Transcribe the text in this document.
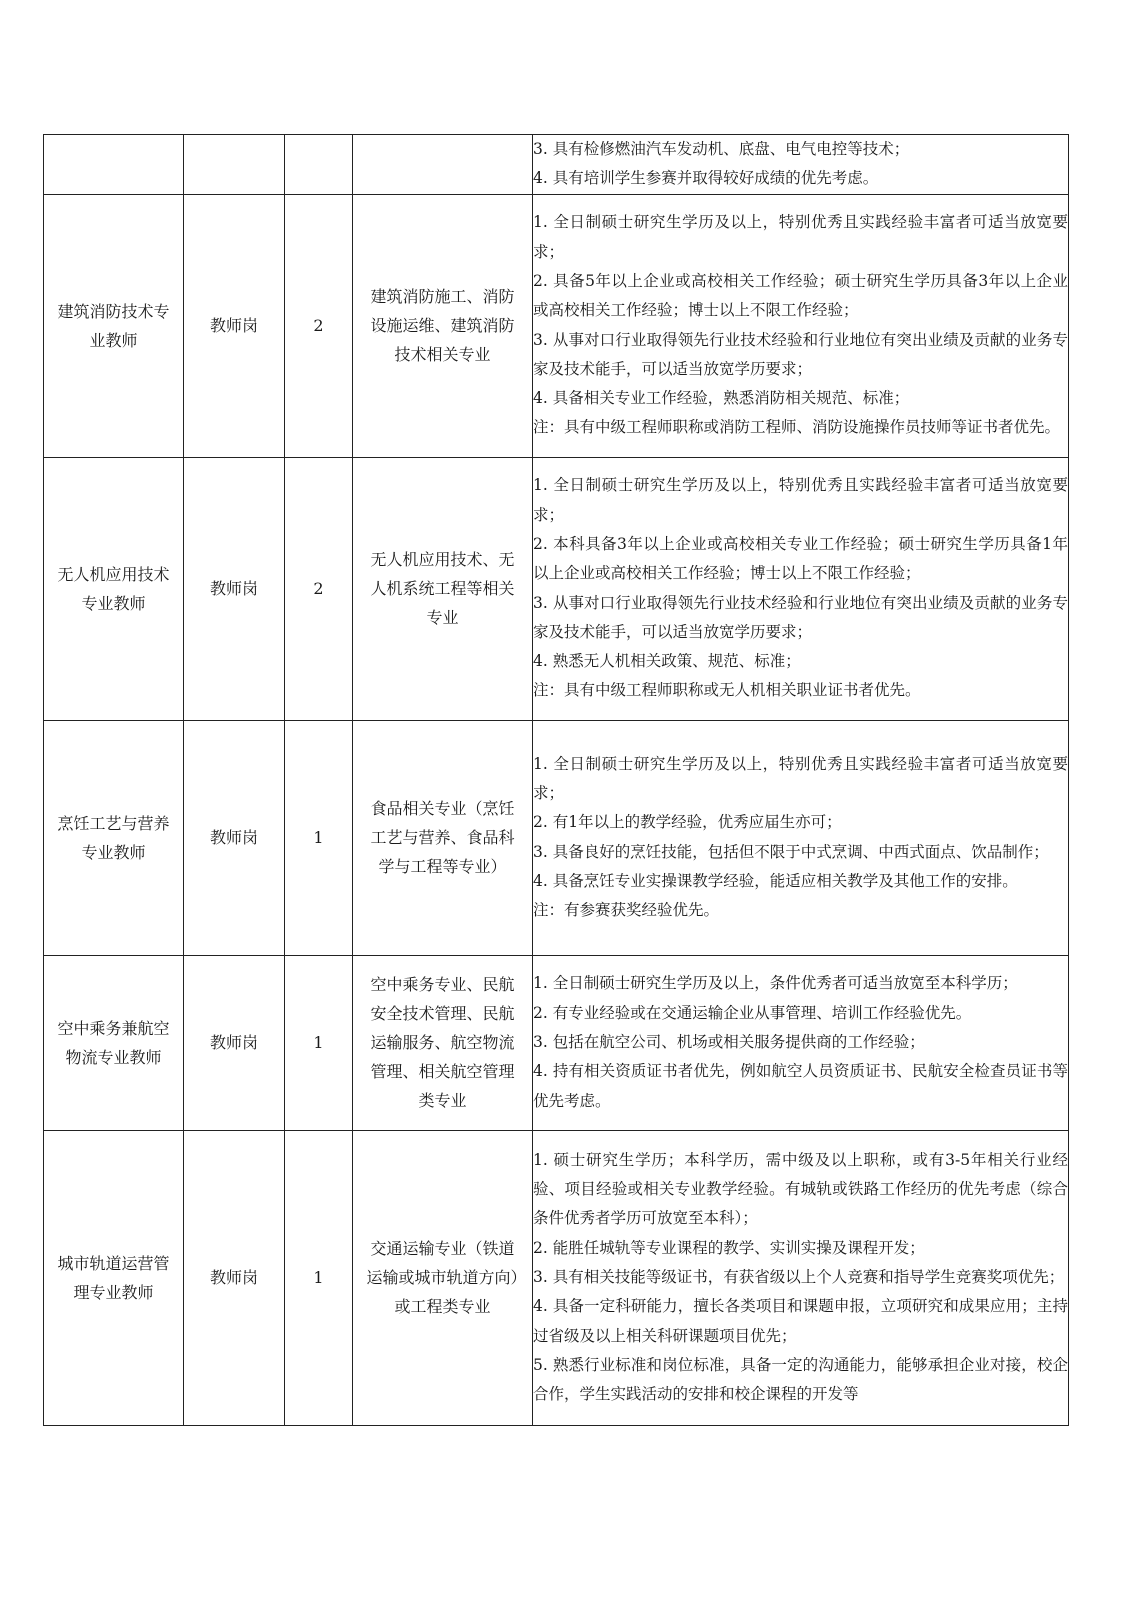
				3. 具有检修燃油汽车发动机、底盘、电气电控等技术；
4. 具有培训学生参赛并取得较好成绩的优先考虑。

建筑消防技术专业教师	教师岗	2	建筑消防施工、消防设施运维、建筑消防技术相关专业	1. 全日制硕士研究生学历及以上，特别优秀且实践经验丰富者可适当放宽要求；
2. 具备5年以上企业或高校相关工作经验；硕士研究生学历具备3年以上企业或高校相关工作经验；博士以上不限工作经验；
3. 从事对口行业取得领先行业技术经验和行业地位有突出业绩及贡献的业务专家及技术能手，可以适当放宽学历要求；
4. 具备相关专业工作经验，熟悉消防相关规范、标准；
注：具有中级工程师职称或消防工程师、消防设施操作员技师等证书者优先。

无人机应用技术专业教师	教师岗	2	无人机应用技术、无人机系统工程等相关专业	1. 全日制硕士研究生学历及以上，特别优秀且实践经验丰富者可适当放宽要求；
2. 本科具备3年以上企业或高校相关专业工作经验；硕士研究生学历具备1年以上企业或高校相关工作经验；博士以上不限工作经验；
3. 从事对口行业取得领先行业技术经验和行业地位有突出业绩及贡献的业务专家及技术能手，可以适当放宽学历要求；
4. 熟悉无人机相关政策、规范、标准；
注：具有中级工程师职称或无人机相关职业证书者优先。

烹饪工艺与营养专业教师	教师岗	1	食品相关专业（烹饪工艺与营养、食品科学与工程等专业）	1. 全日制硕士研究生学历及以上，特别优秀且实践经验丰富者可适当放宽要求；
2. 有1年以上的教学经验，优秀应届生亦可；
3. 具备良好的烹饪技能，包括但不限于中式烹调、中西式面点、饮品制作；
4. 具备烹饪专业实操课教学经验，能适应相关教学及其他工作的安排。
注：有参赛获奖经验优先。

空中乘务兼航空物流专业教师	教师岗	1	空中乘务专业、民航安全技术管理、民航运输服务、航空物流管理、相关航空管理类专业	1. 全日制硕士研究生学历及以上，条件优秀者可适当放宽至本科学历；
2. 有专业经验或在交通运输企业从事管理、培训工作经验优先。
3. 包括在航空公司、机场或相关服务提供商的工作经验；
4. 持有相关资质证书者优先，例如航空人员资质证书、民航安全检查员证书等优先考虑。

城市轨道运营管理专业教师	教师岗	1	交通运输专业（铁道运输或城市轨道方向）或工程类专业	1. 硕士研究生学历；本科学历，需中级及以上职称，或有3-5年相关行业经验、项目经验或相关专业教学经验。有城轨或铁路工作经历的优先考虑（综合条件优秀者学历可放宽至本科）；
2. 能胜任城轨等专业课程的教学、实训实操及课程开发；
3. 具有相关技能等级证书，有获省级以上个人竞赛和指导学生竞赛奖项优先；
4. 具备一定科研能力，擅长各类项目和课题申报，立项研究和成果应用；主持过省级及以上相关科研课题项目优先；
5. 熟悉行业标准和岗位标准，具备一定的沟通能力，能够承担企业对接，校企合作，学生实践活动的安排和校企课程的开发等
